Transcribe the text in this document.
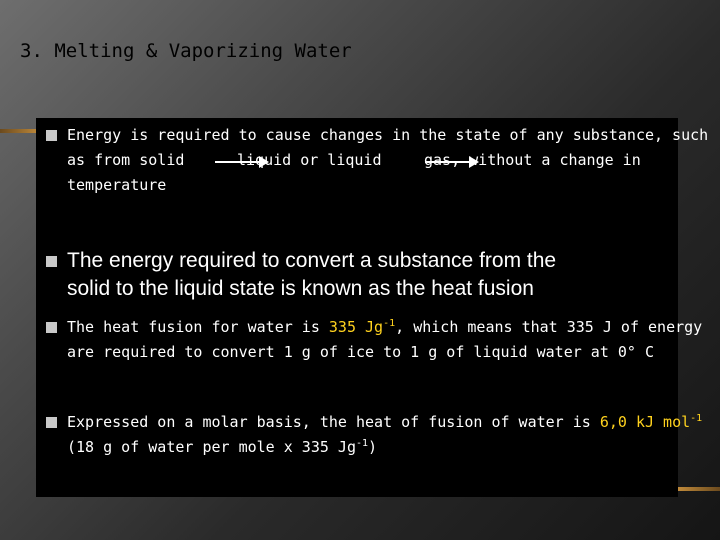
3. Melting & Vaporizing Water
Energy is required to cause changes in the state of any substance, such
as from solid	liquid or liquid	gas, without a change in
temperature
The energy required to convert a substance from the
solid to the liquid state is known as the heat fusion
The heat fusion for water is 335 $Jg^{-1}$, which means that 335 J of energy
are required to convert 1 g of ice to 1 g of liquid water at 0° C
Expressed on a molar basis, the heat of fusion of water is 6,0 kJ mol$^{-1}$
(18 g of water per mole x 335 $Jg^{-1}$)
